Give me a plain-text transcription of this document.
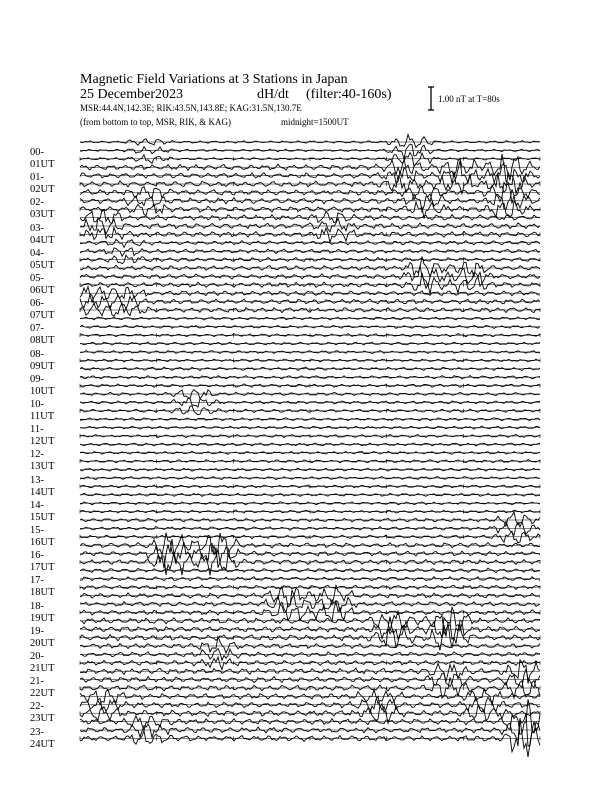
Magnetic Field Variations at 3 Stations in Japan
25 December2023	dH/dt (filter:40-160s)
MSR:44.4N,142.3E; RIK:43.5N,143.8E; KAG:31.5N,130.7E
(from bottom to top, MSR, RIK, & KAG)	midnight=1500UT
1.00 nT at T=80s
00-01UT
01-02UT
02-03UT
03-04UT
04-05UT
05-06UT
06-07UT
07-08UT
08-09UT
09-10UT
10-11UT
11-12UT
12-13UT
13-14UT
14-15UT
15-16UT
16-17UT
17-18UT
18-19UT
19-20UT
20-21UT
21-22UT
22-23UT
23-24UT
